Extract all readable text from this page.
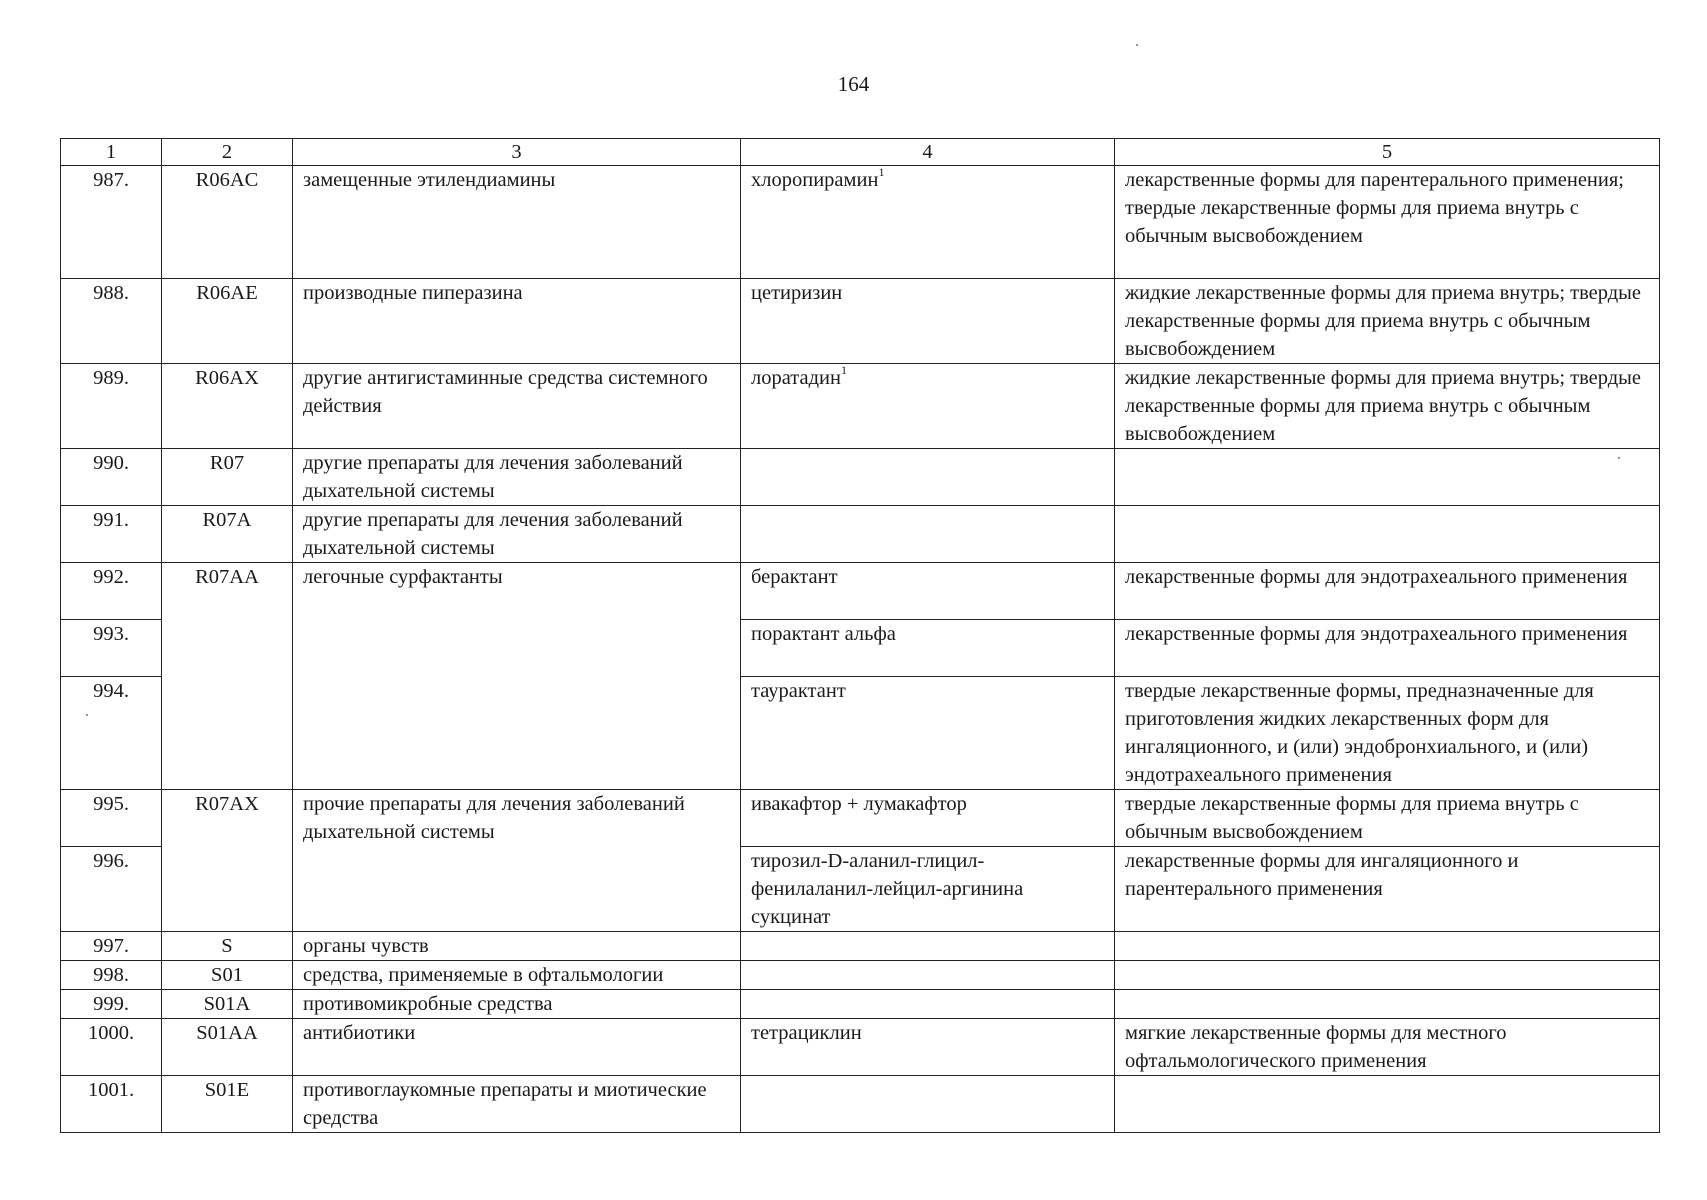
164
1	2	3	4	5
987.	R06AC	замещенные этилендиамины	хлоропирамин$^1$	лекарственные формы для парентерального применения; твердые лекарственные формы для приема внутрь с обычным высвобождением
988.	R06AE	производные пиперазина	цетиризин	жидкие лекарственные формы для приема внутрь; твердые лекарственные формы для приема внутрь с обычным высвобождением
989.	R06AX	другие антигистаминные средства системного действия	лоратадин$^1$	жидкие лекарственные формы для приема внутрь; твердые лекарственные формы для приема внутрь с обычным высвобождением
990.	R07	другие препараты для лечения заболеваний дыхательной системы		
991.	R07A	другие препараты для лечения заболеваний дыхательной системы		
992.	R07AA	легочные сурфактанты	берактант	лекарственные формы для эндотрахеального применения
993.			порактант альфа	лекарственные формы для эндотрахеального применения
994.			таурактант	твердые лекарственные формы, предназначенные для приготовления жидких лекарственных форм для ингаляционного, и (или) эндобронхиального, и (или) эндотрахеального применения
995.	R07AX	прочие препараты для лечения заболеваний дыхательной системы	ивакафтор + лумакафтор	твердые лекарственные формы для приема внутрь с обычным высвобождением
996.			тирозил-D-аланил-глицил-фенилаланил-лейцил-аргинина сукцинат	лекарственные формы для ингаляционного и парентерального применения
997.	S	органы чувств		
998.	S01	средства, применяемые в офтальмологии		
999.	S01A	противомикробные средства		
1000.	S01AA	антибиотики	тетрациклин	мягкие лекарственные формы для местного офтальмологического применения
1001.	S01E	противоглаукомные препараты и миотические средства		
